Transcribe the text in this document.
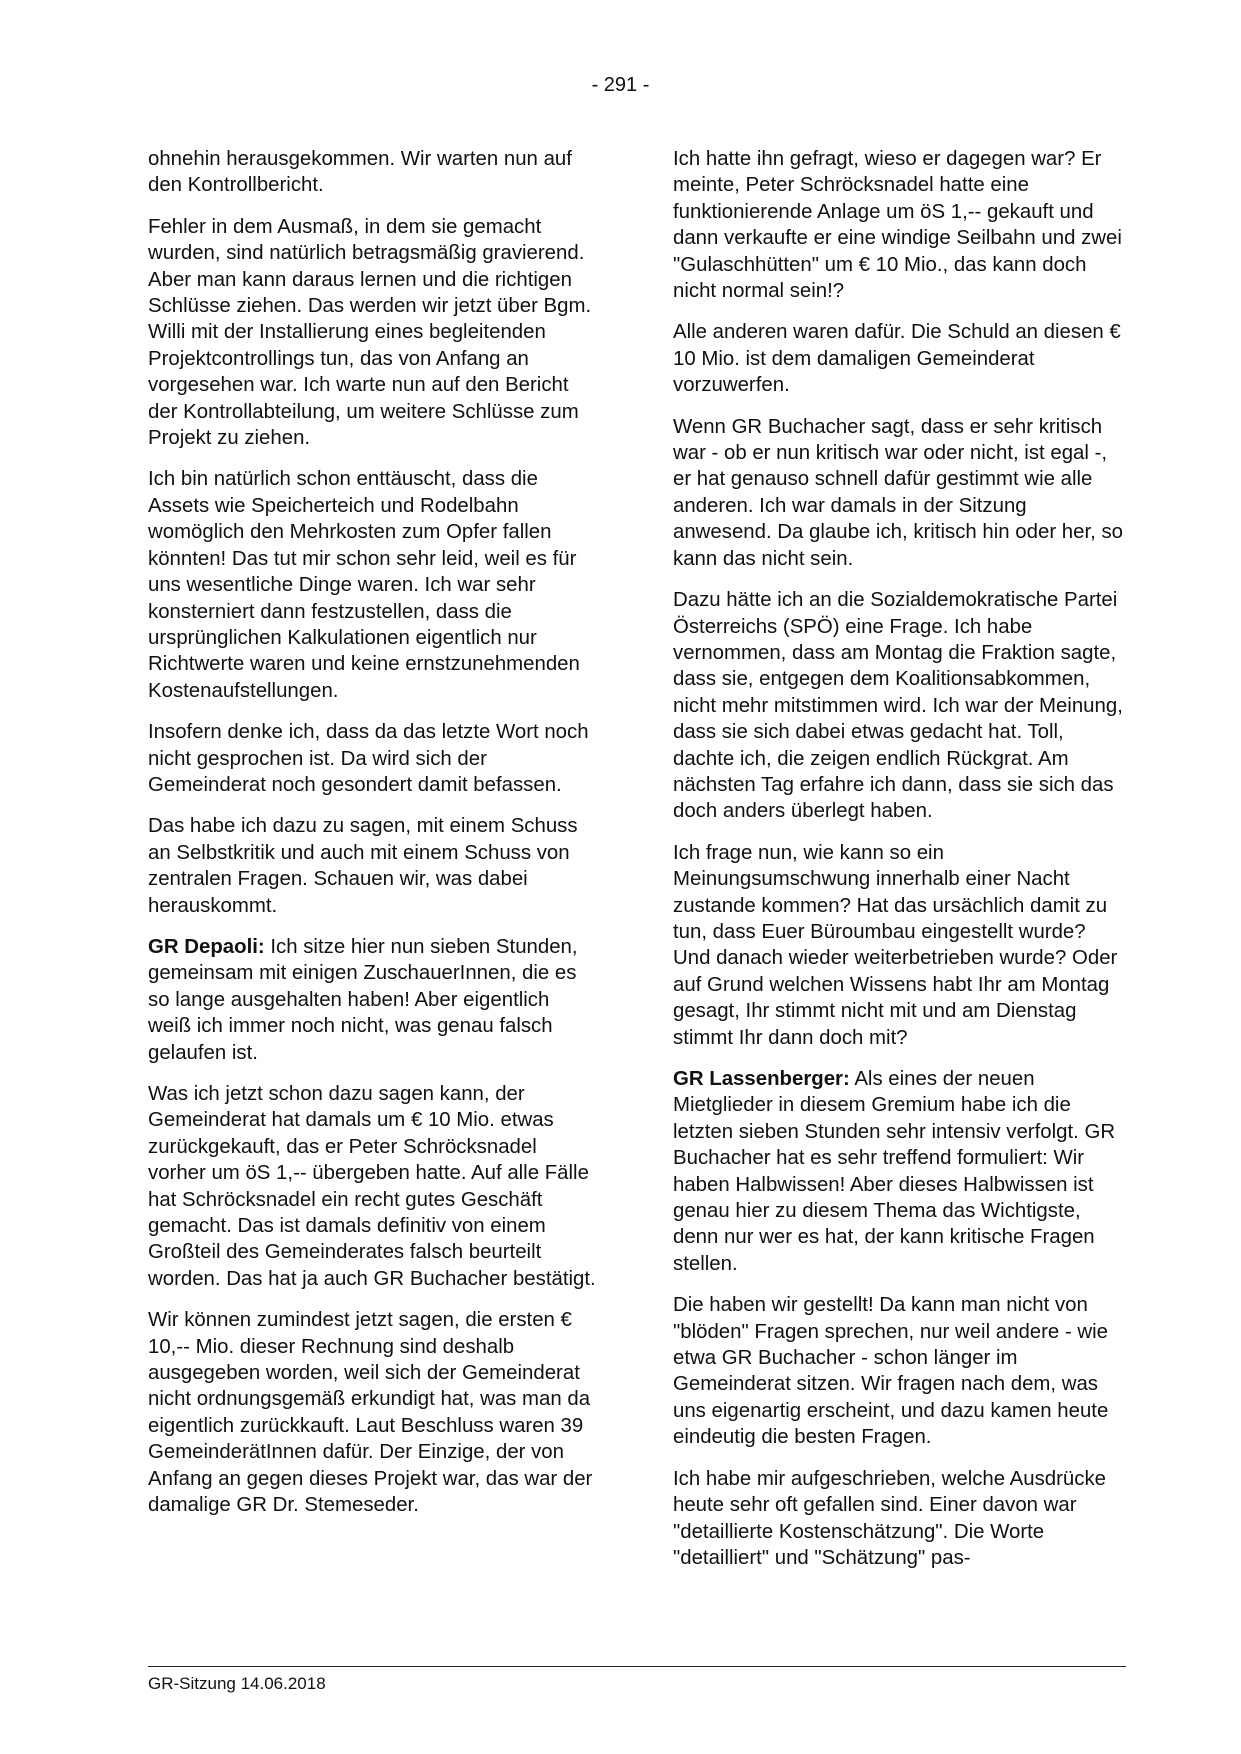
- 291 -

ohnehin herausgekommen. Wir warten nun auf den Kontrollbericht.

Fehler in dem Ausmaß, in dem sie gemacht wurden, sind natürlich betragsmäßig gravierend. Aber man kann daraus lernen und die richtigen Schlüsse ziehen. Das werden wir jetzt über Bgm. Willi mit der Installierung eines begleitenden Projektcontrollings tun, das von Anfang an vorgesehen war. Ich warte nun auf den Bericht der Kontrollabteilung, um weitere Schlüsse zum Projekt zu ziehen.

Ich bin natürlich schon enttäuscht, dass die Assets wie Speicherteich und Rodelbahn womöglich den Mehrkosten zum Opfer fallen könnten! Das tut mir schon sehr leid, weil es für uns wesentliche Dinge waren. Ich war sehr konsterniert dann festzustellen, dass die ursprünglichen Kalkulationen eigentlich nur Richtwerte waren und keine ernstzunehmenden Kostenaufstellungen.

Insofern denke ich, dass da das letzte Wort noch nicht gesprochen ist. Da wird sich der Gemeinderat noch gesondert damit befassen.

Das habe ich dazu zu sagen, mit einem Schuss an Selbstkritik und auch mit einem Schuss von zentralen Fragen. Schauen wir, was dabei herauskommt.

GR Depaoli: Ich sitze hier nun sieben Stunden, gemeinsam mit einigen ZuschauerInnen, die es so lange ausgehalten haben! Aber eigentlich weiß ich immer noch nicht, was genau falsch gelaufen ist.

Was ich jetzt schon dazu sagen kann, der Gemeinderat hat damals um € 10 Mio. etwas zurückgekauft, das er Peter Schröcksnadel vorher um öS 1,-- übergeben hatte. Auf alle Fälle hat Schröcksnadel ein recht gutes Geschäft gemacht. Das ist damals definitiv von einem Großteil des Gemeinderates falsch beurteilt worden. Das hat ja auch GR Buchacher bestätigt.

Wir können zumindest jetzt sagen, die ersten € 10,-- Mio. dieser Rechnung sind deshalb ausgegeben worden, weil sich der Gemeinderat nicht ordnungsgemäß erkundigt hat, was man da eigentlich zurückkauft. Laut Beschluss waren 39 GemeinderätInnen dafür. Der Einzige, der von Anfang an gegen dieses Projekt war, das war der damalige GR Dr. Stemeseder.

Ich hatte ihn gefragt, wieso er dagegen war? Er meinte, Peter Schröcksnadel hatte eine funktionierende Anlage um öS 1,-- gekauft und dann verkaufte er eine windige Seilbahn und zwei "Gulaschhütten" um € 10 Mio., das kann doch nicht normal sein!?

Alle anderen waren dafür. Die Schuld an diesen € 10 Mio. ist dem damaligen Gemeinderat vorzuwerfen.

Wenn GR Buchacher sagt, dass er sehr kritisch war - ob er nun kritisch war oder nicht, ist egal -, er hat genauso schnell dafür gestimmt wie alle anderen. Ich war damals in der Sitzung anwesend. Da glaube ich, kritisch hin oder her, so kann das nicht sein.

Dazu hätte ich an die Sozialdemokratische Partei Österreichs (SPÖ) eine Frage. Ich habe vernommen, dass am Montag die Fraktion sagte, dass sie, entgegen dem Koalitionsabkommen, nicht mehr mitstimmen wird. Ich war der Meinung, dass sie sich dabei etwas gedacht hat. Toll, dachte ich, die zeigen endlich Rückgrat. Am nächsten Tag erfahre ich dann, dass sie sich das doch anders überlegt haben.

Ich frage nun, wie kann so ein Meinungsumschwung innerhalb einer Nacht zustande kommen? Hat das ursächlich damit zu tun, dass Euer Büroumbau eingestellt wurde? Und danach wieder weiterbetrieben wurde? Oder auf Grund welchen Wissens habt Ihr am Montag gesagt, Ihr stimmt nicht mit und am Dienstag stimmt Ihr dann doch mit?

GR Lassenberger: Als eines der neuen Mietglieder in diesem Gremium habe ich die letzten sieben Stunden sehr intensiv verfolgt. GR Buchacher hat es sehr treffend formuliert: Wir haben Halbwissen! Aber dieses Halbwissen ist genau hier zu diesem Thema das Wichtigste, denn nur wer es hat, der kann kritische Fragen stellen.

Die haben wir gestellt! Da kann man nicht von "blöden" Fragen sprechen, nur weil andere - wie etwa GR Buchacher - schon länger im Gemeinderat sitzen. Wir fragen nach dem, was uns eigenartig erscheint, und dazu kamen heute eindeutig die besten Fragen.

Ich habe mir aufgeschrieben, welche Ausdrücke heute sehr oft gefallen sind. Einer davon war "detaillierte Kostenschätzung". Die Worte "detailliert" und "Schätzung" pas-

GR-Sitzung 14.06.2018
